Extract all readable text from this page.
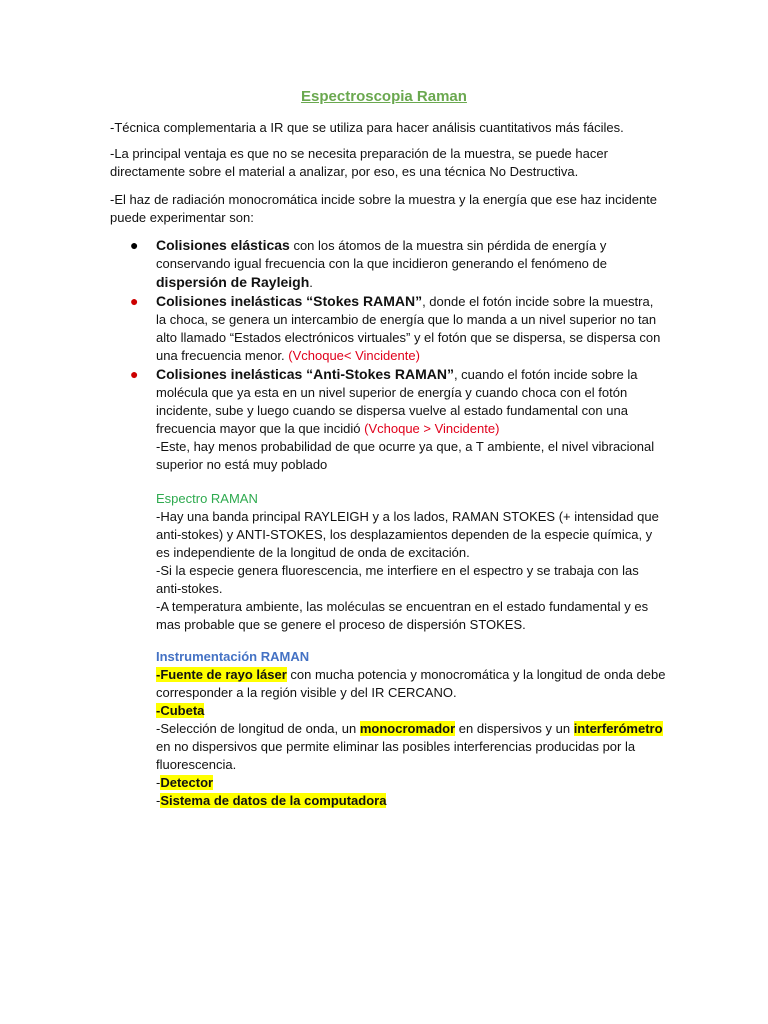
Espectroscopia Raman

-Técnica complementaria a IR que se utiliza para hacer análisis cuantitativos más fáciles.

-La principal ventaja es que no se necesita preparación de la muestra, se puede hacer directamente sobre el material a analizar, por eso, es una técnica No Destructiva.

-El haz de radiación monocromática incide sobre la muestra y la energía que ese haz incidente puede experimentar son:

● Colisiones elásticas con los átomos de la muestra sin pérdida de energía y conservando igual frecuencia con la que incidieron generando el fenómeno de dispersión de Rayleigh.
● Colisiones inelásticas “Stokes RAMAN”, donde el fotón incide sobre la muestra, la choca, se genera un intercambio de energía que lo manda a un nivel superior no tan alto llamado “Estados electrónicos virtuales” y el fotón que se dispersa, se dispersa con una frecuencia menor. (Vchoque< Vincidente)
● Colisiones inelásticas “Anti-Stokes RAMAN”, cuando el fotón incide sobre la molécula que ya esta en un nivel superior de energía y cuando choca con el fotón incidente, sube y luego cuando se dispersa vuelve al estado fundamental con una frecuencia mayor que la que incidió (Vchoque > Vincidente)
-Este, hay menos probabilidad de que ocurre ya que, a T ambiente, el nivel vibracional superior no está muy poblado
Espectro RAMAN
-Hay una banda principal RAYLEIGH y a los lados, RAMAN STOKES (+ intensidad que anti-stokes) y ANTI-STOKES, los desplazamientos dependen de la especie química, y es independiente de la longitud de onda de excitación.
-Si la especie genera fluorescencia, me interfiere en el espectro y se trabaja con las anti-stokes.
-A temperatura ambiente, las moléculas se encuentran en el estado fundamental y es mas probable que se genere el proceso de dispersión STOKES.
Instrumentación RAMAN
-Fuente de rayo láser con mucha potencia y monocromática y la longitud de onda debe corresponder a la región visible y del IR CERCANO.
-Cubeta
-Selección de longitud de onda, un monocromador en dispersivos y un interferómetro en no dispersivos que permite eliminar las posibles interferencias producidas por la fluorescencia.
-Detector
-Sistema de datos de la computadora
